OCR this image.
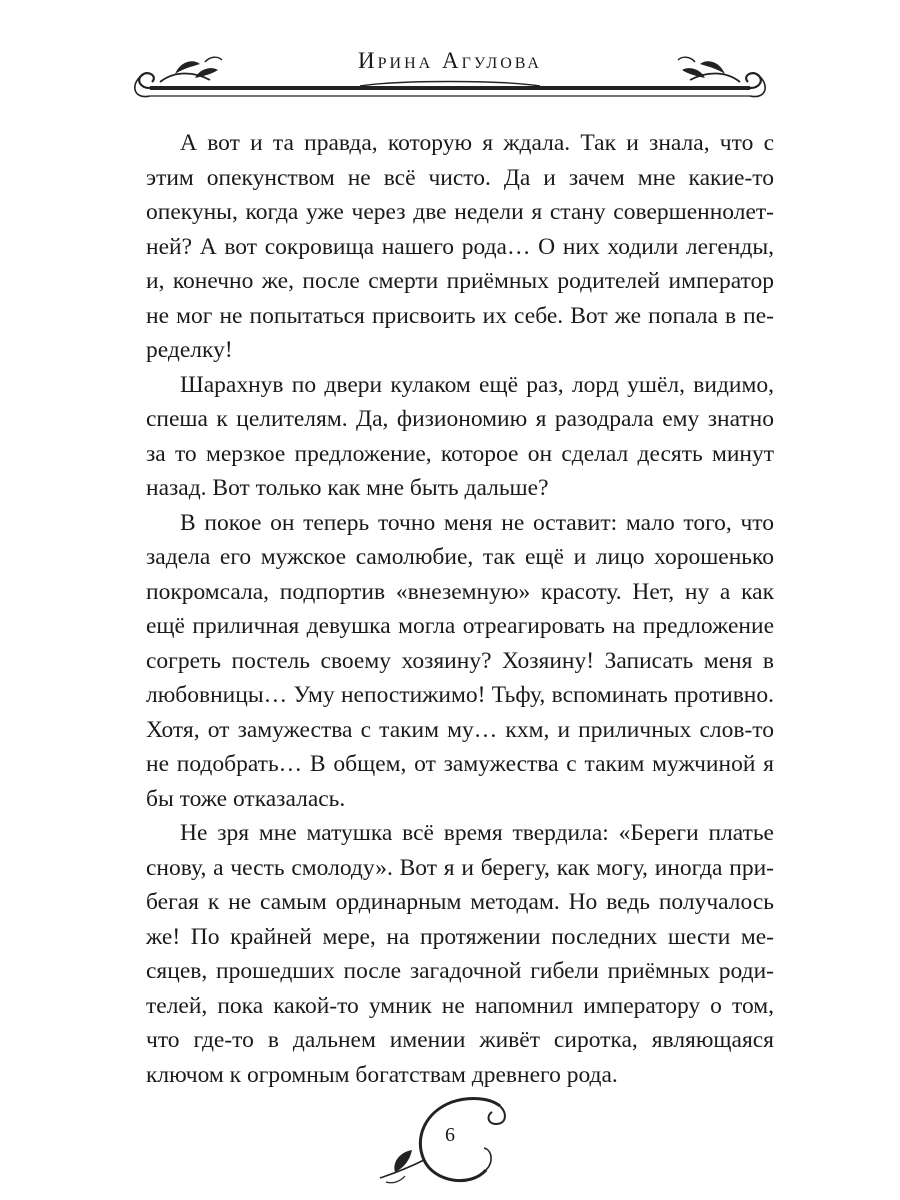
Ирина Агулова

А вот и та правда, которую я ждала. Так и знала, что с этим опекунством не всё чисто. Да и зачем мне какие-то опекуны, когда уже через две недели я стану совершеннолетней? А вот сокровища нашего рода… О них ходили легенды, и, конечно же, после смерти приёмных родителей император не мог не попытаться присвоить их себе. Вот же попала в переделку!

Шарахнув по двери кулаком ещё раз, лорд ушёл, видимо, спеша к целителям. Да, физиономию я разодрала ему знатно за то мерзкое предложение, которое он сделал десять минут назад. Вот только как мне быть дальше?

В покое он теперь точно меня не оставит: мало того, что задела его мужское самолюбие, так ещё и лицо хорошенько покромсала, подпортив «внеземную» красоту. Нет, ну а как ещё приличная девушка могла отреагировать на предложение согреть постель своему хозяину? Хозяину! Записать меня в любовницы… Уму непостижимо! Тьфу, вспоминать противно. Хотя, от замужества с таким му… кхм, и приличных слов-то не подобрать… В общем, от замужества с таким мужчиной я бы тоже отказалась.

Не зря мне матушка всё время твердила: «Береги платье снову, а честь смолоду». Вот я и берегу, как могу, иногда прибегая к не самым ординарным методам. Но ведь получалось же! По крайней мере, на протяжении последних шести месяцев, прошедших после загадочной гибели приёмных родителей, пока какой-то умник не напомнил императору о том, что где-то в дальнем имении живёт сиротка, являющаяся ключом к огромным богатствам древнего рода.

6
